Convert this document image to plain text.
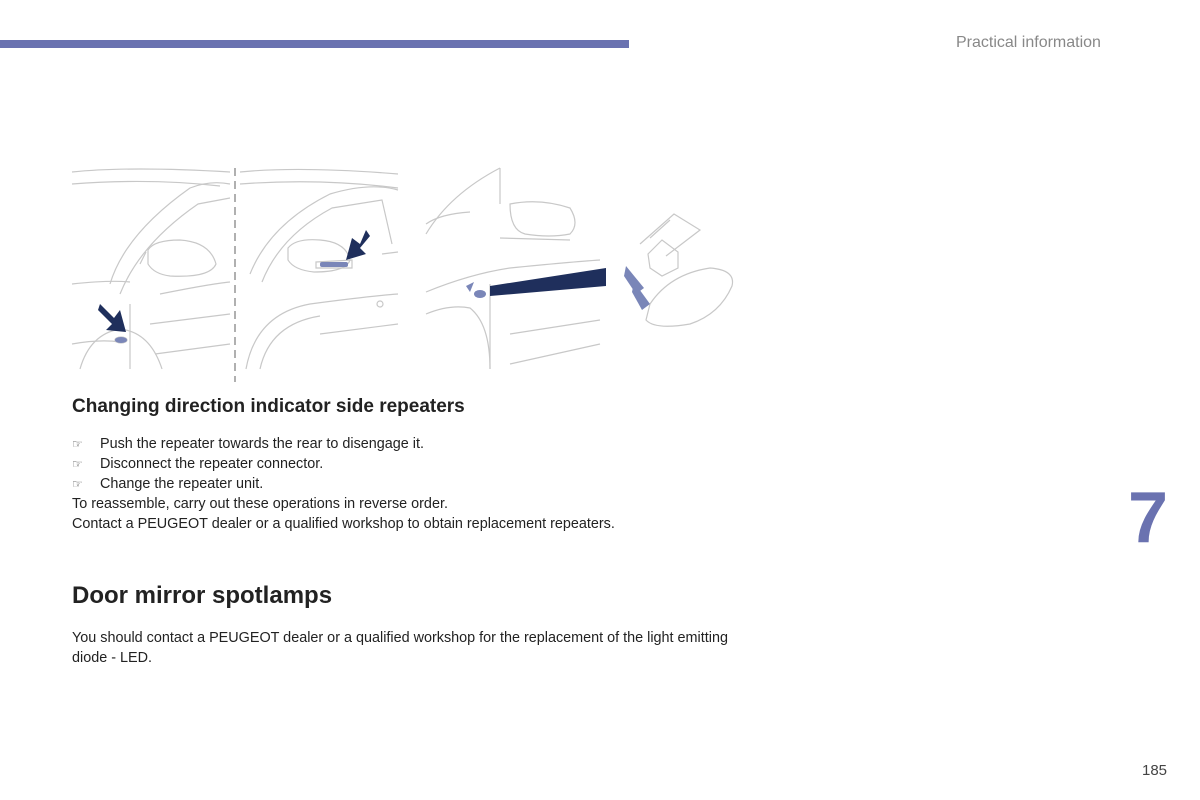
Practical information
Changing direction indicator side repeaters
☞	Push the repeater towards the rear to disengage it.
☞	Disconnect the repeater connector.
☞	Change the repeater unit.
To reassemble, carry out these operations in reverse order.
Contact a PEUGEOT dealer or a qualified workshop to obtain replacement repeaters.
Door mirror spotlamps
You should contact a PEUGEOT dealer or a qualified workshop for the replacement of the light emitting diode - LED.
7
185
